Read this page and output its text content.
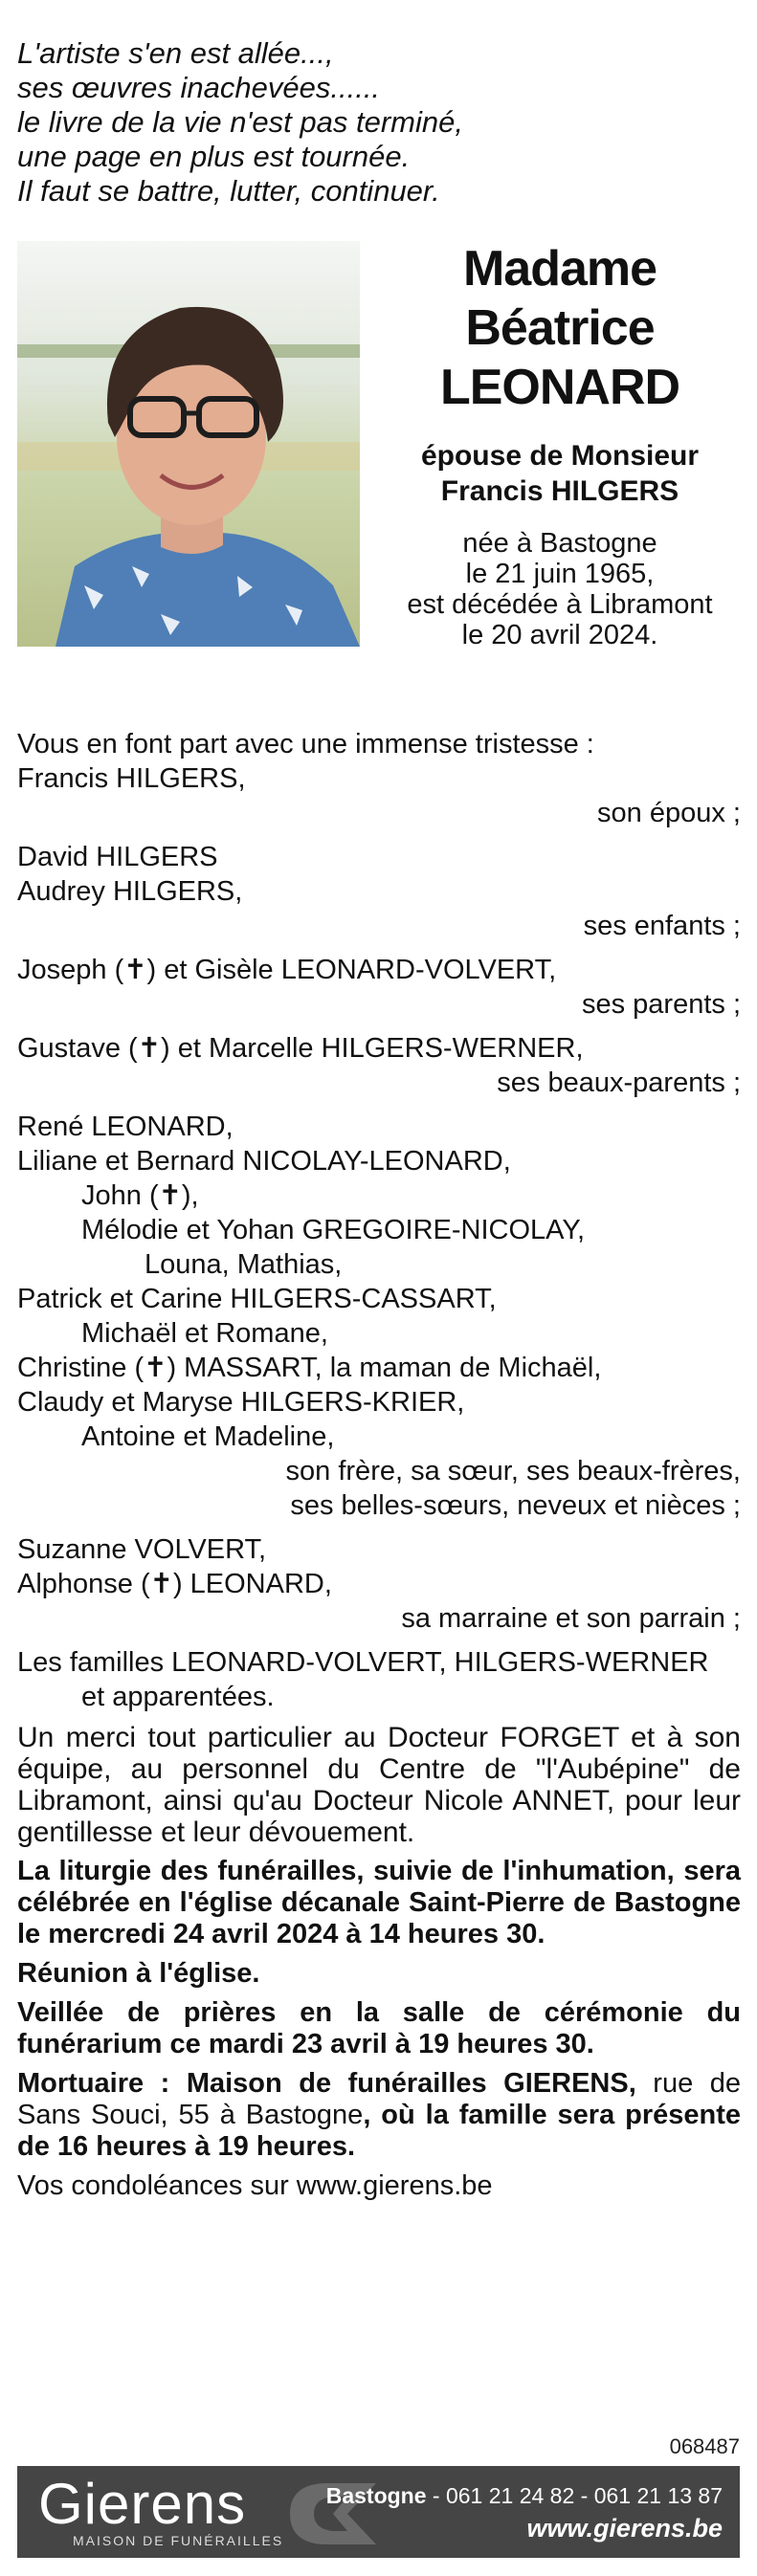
L'artiste s'en est allée...,
ses œuvres inachevées......
le livre de la vie n'est pas terminé,
une page en plus est tournée.
Il faut se battre, lutter, continuer.
Madame
Béatrice
LEONARD
épouse de Monsieur
Francis HILGERS
née à Bastogne
le 21 juin 1965,
est décédée à Libramont
le 20 avril 2024.
Vous en font part avec une immense tristesse :
Francis HILGERS,
son époux ;
David HILGERS
Audrey HILGERS,
ses enfants ;
Joseph (✝) et Gisèle LEONARD-VOLVERT,
ses parents ;
Gustave (✝) et Marcelle HILGERS-WERNER,
ses beaux-parents ;
René LEONARD,
Liliane et Bernard NICOLAY-LEONARD,
John (✝),
Mélodie et Yohan GREGOIRE-NICOLAY,
Louna, Mathias,
Patrick et Carine HILGERS-CASSART,
Michaël et Romane,
Christine (✝) MASSART, la maman de Michaël,
Claudy et Maryse HILGERS-KRIER,
Antoine et Madeline,
son frère, sa sœur, ses beaux-frères,
ses belles-sœurs, neveux et nièces ;
Suzanne VOLVERT,
Alphonse (✝) LEONARD,
sa marraine et son parrain ;
Les familles LEONARD-VOLVERT, HILGERS-WERNER
et apparentées.
Un merci tout particulier au Docteur FORGET et à son équipe, au personnel du Centre de "l'Aubépine" de Libramont, ainsi qu'au Docteur Nicole ANNET, pour leur gentillesse et leur dévouement.
La liturgie des funérailles, suivie de l'inhumation, sera célébrée en l'église décanale Saint-Pierre de Bastogne le mercredi 24 avril 2024 à 14 heures 30.
Réunion à l'église.
Veillée de prières en la salle de cérémonie du funérarium ce mardi 23 avril à 19 heures 30.
Mortuaire : Maison de funérailles GIERENS, rue de Sans Souci, 55 à Bastogne, où la famille sera présente de 16 heures à 19 heures.
Vos condoléances sur www.gierens.be
068487
Gierens
MAISON DE FUNÉRAILLES
Bastogne - 061 21 24 82 - 061 21 13 87
www.gierens.be
